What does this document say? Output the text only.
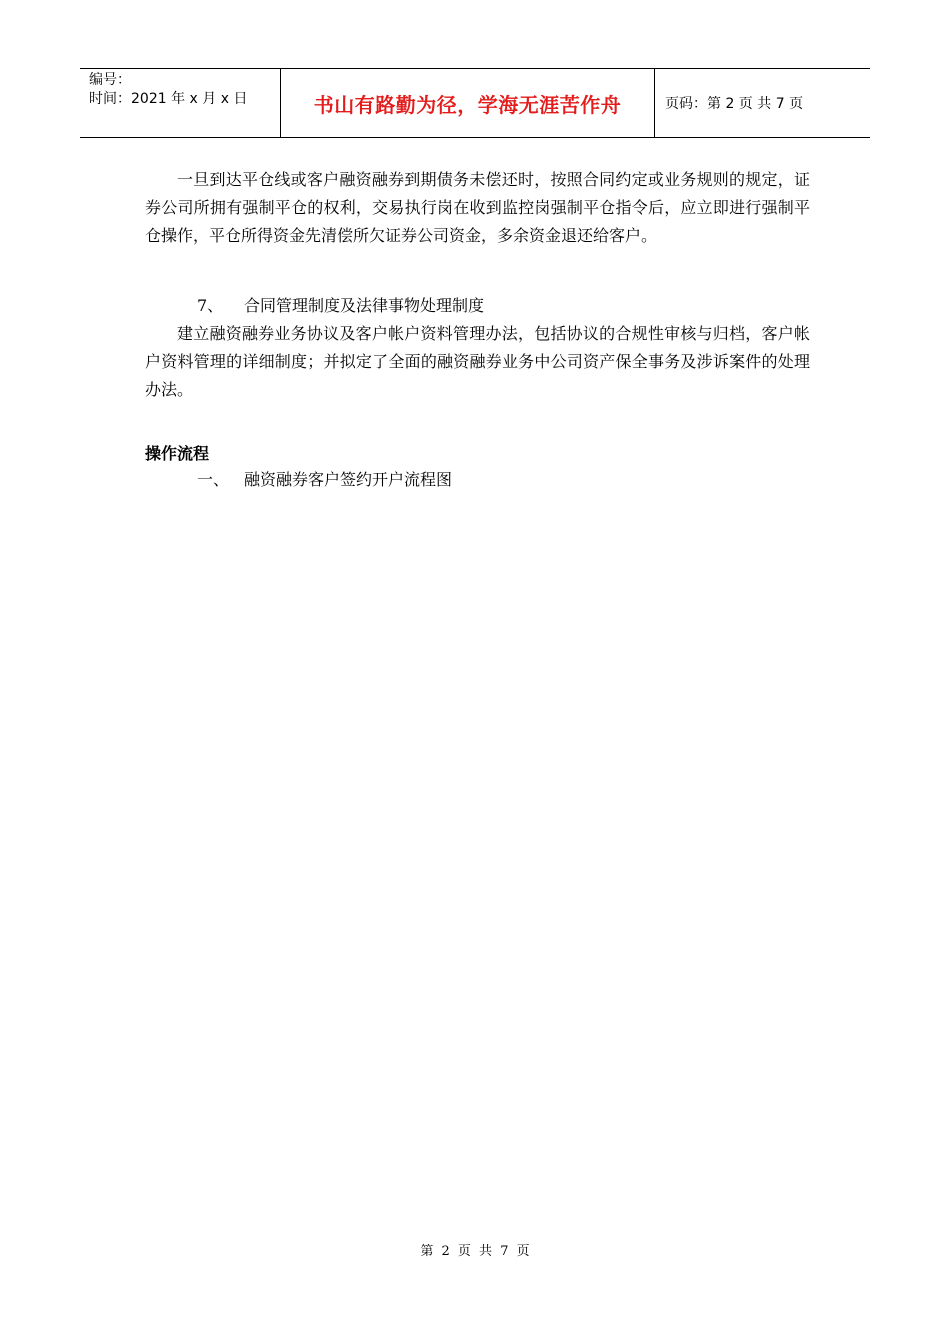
编号：
时间：2021 年 x 月 x 日	书山有路勤为径，学海无涯苦作舟	页码：第 2 页 共 7 页

一旦到达平仓线或客户融资融券到期债务未偿还时，按照合同约定或业务规则的规定，证券公司所拥有强制平仓的权利，交易执行岗在收到监控岗强制平仓指令后，应立即进行强制平仓操作，平仓所得资金先清偿所欠证券公司资金，多余资金退还给客户。

7、 合同管理制度及法律事物处理制度

建立融资融券业务协议及客户帐户资料管理办法，包括协议的合规性审核与归档，客户帐户资料管理的详细制度；并拟定了全面的融资融券业务中公司资产保全事务及涉诉案件的处理办法。

操作流程
一、 融资融券客户签约开户流程图
第 2 页 共 7 页
